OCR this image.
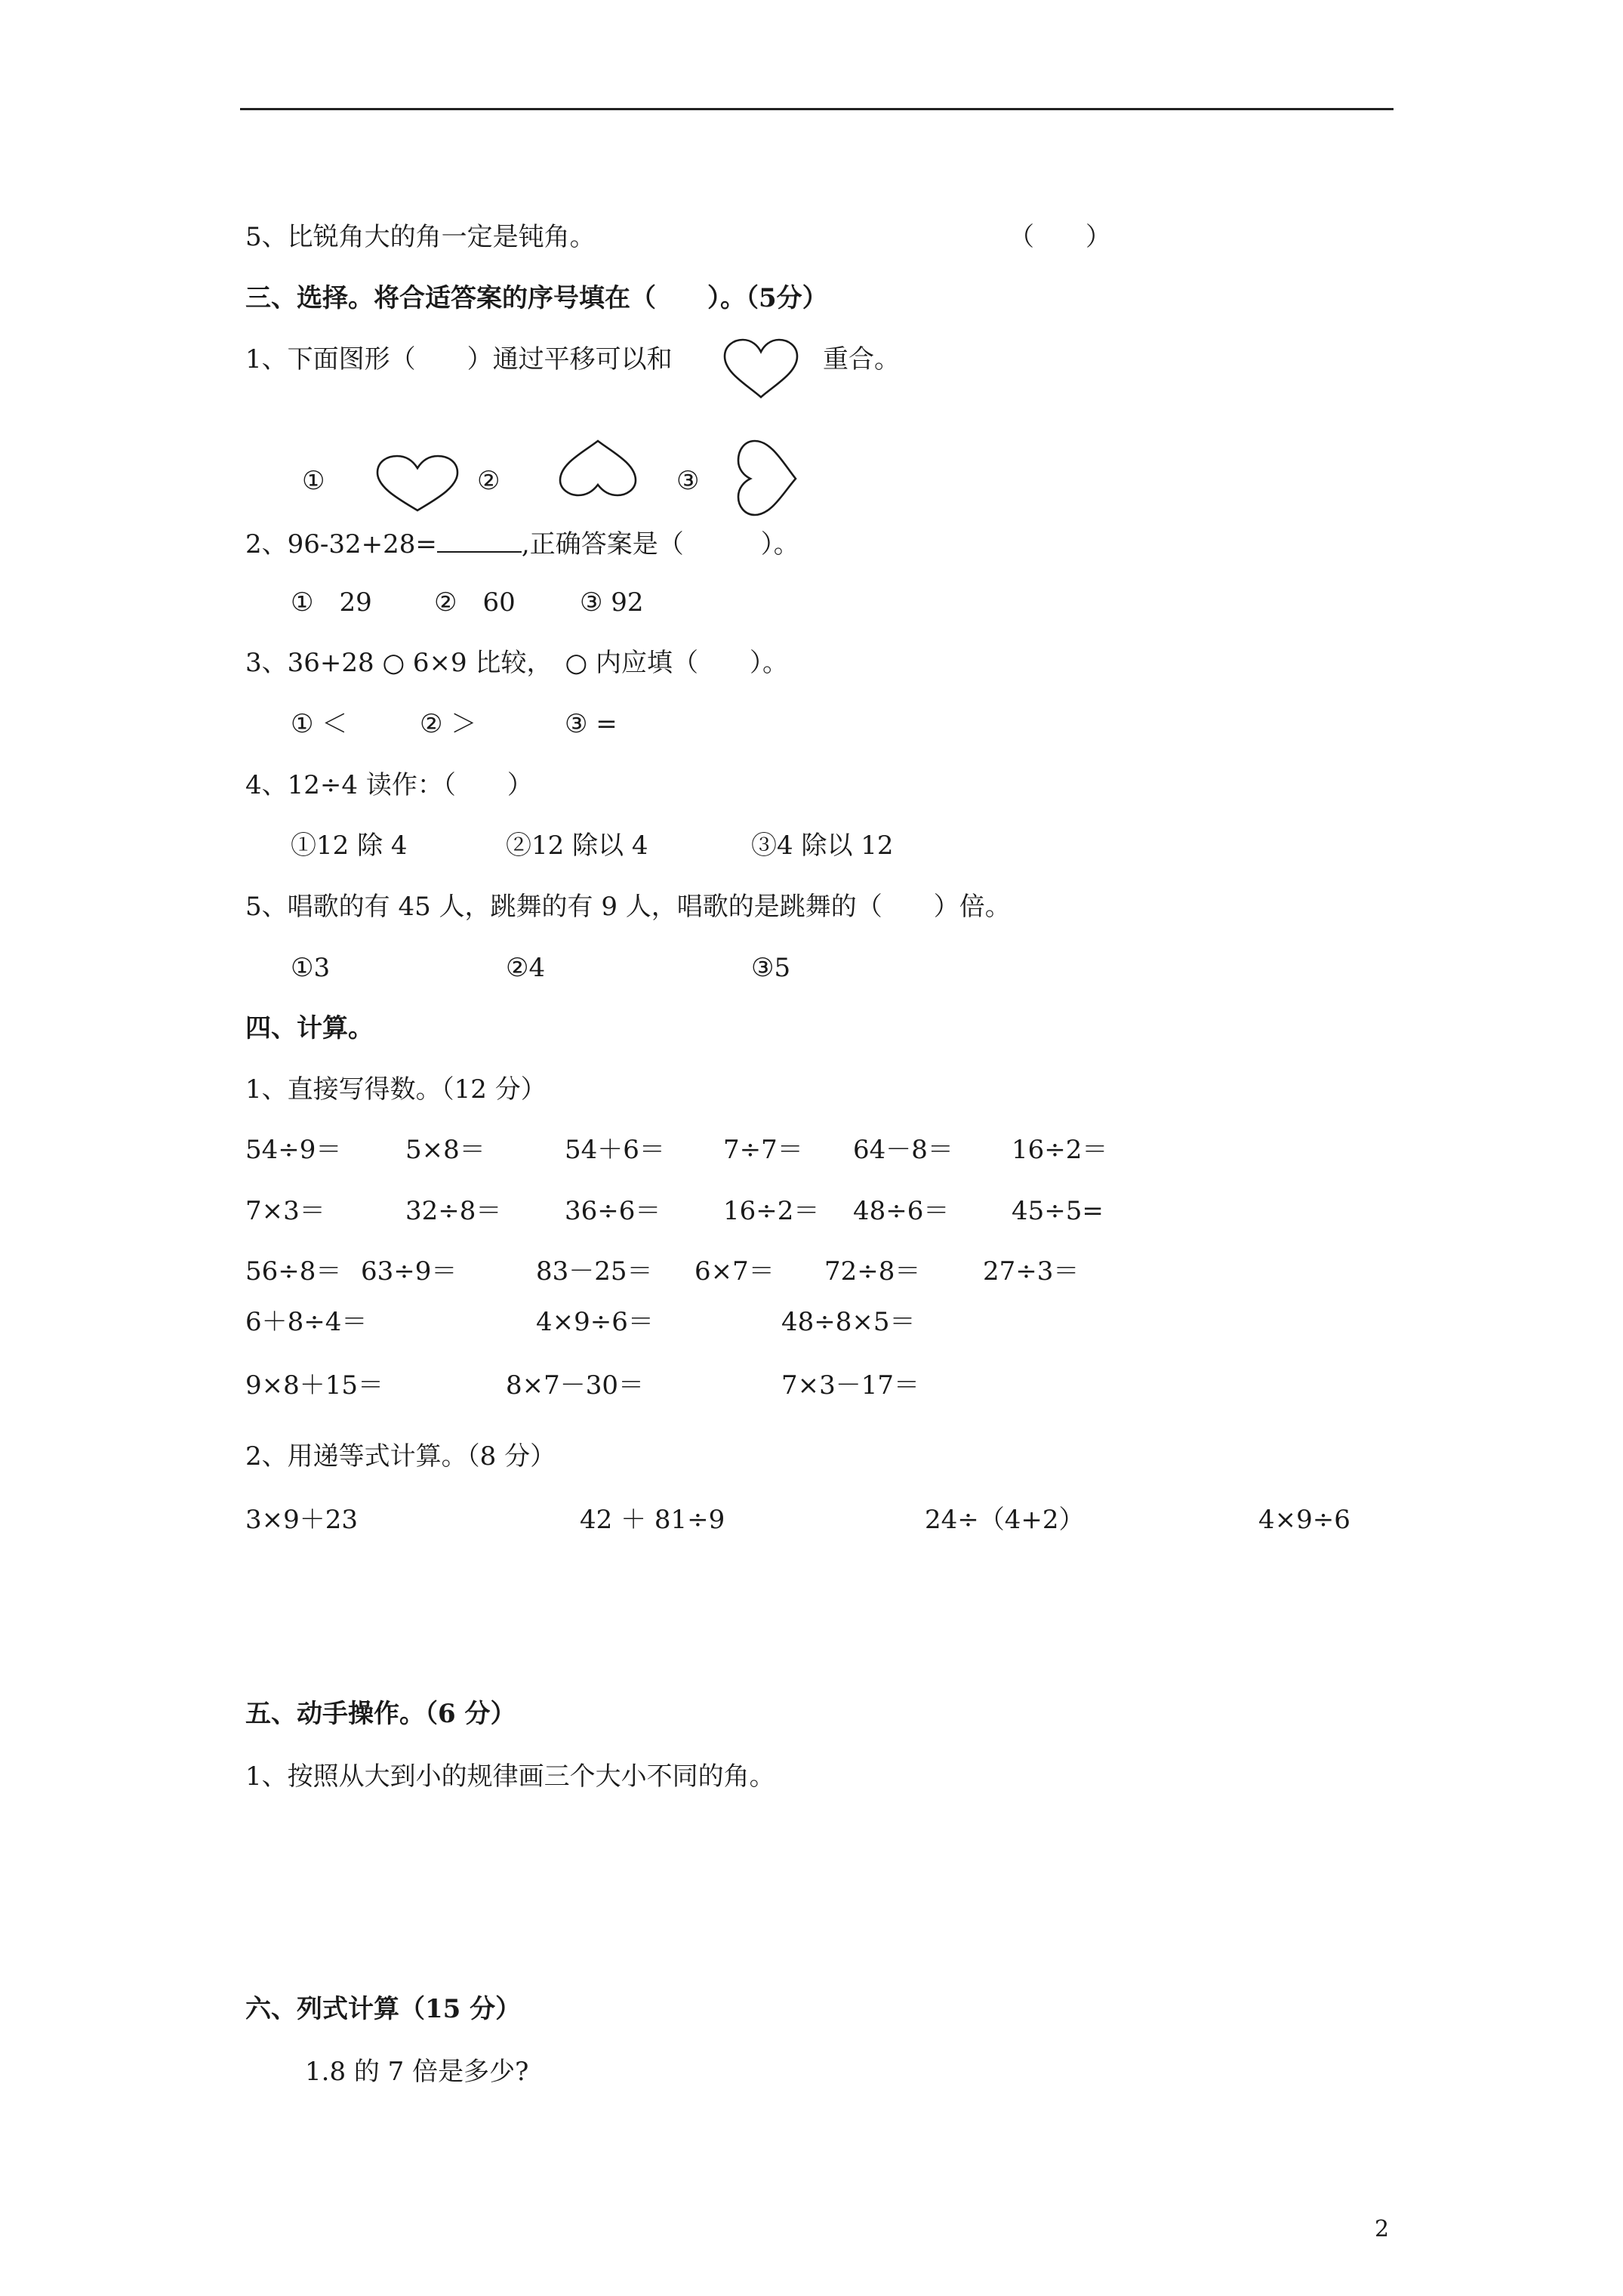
5、比锐角大的角一定是钝角。	（　　）
三、选择。将合适答案的序号填在（　　）。（5分）
1、下面图形（　　）通过平移可以和	重合。
①	②	③
2、96-32+28=	,正确答案是（　　　）。
①　29 ②　60	③ 92
3、36+28 ○ 6×9 比较，　○ 内应填（　　）。
① ＜	② ＞	③ =
4、12÷4 读作：（　　）
①12 除 4	②12 除以 4	③4 除以 12
5、唱歌的有 45 人，跳舞的有 9 人，唱歌的是跳舞的（　　）倍。
①3	②4	③5
四、计算。
1、直接写得数。（12 分）
54÷9＝ 5×8＝	54＋6＝ 7÷7＝ 64－8＝ 16÷2＝
7×3＝	32÷8＝ 36÷6＝ 16÷2＝ 48÷6＝ 45÷5=
56÷8＝ 63÷9＝	83－25＝ 6×7＝ 72÷8＝ 27÷3＝
6＋8÷4＝	4×9÷6＝	48÷8×5＝
9×8＋15＝	8×7－30＝	7×3－17＝
2、用递等式计算。（8 分）
3×9＋23	42 ＋ 81÷9	24÷（4+2）	4×9÷6
五、动手操作。（6 分）
1、按照从大到小的规律画三个大小不同的角。
六、列式计算（15 分）
1.8 的 7 倍是多少?
2
